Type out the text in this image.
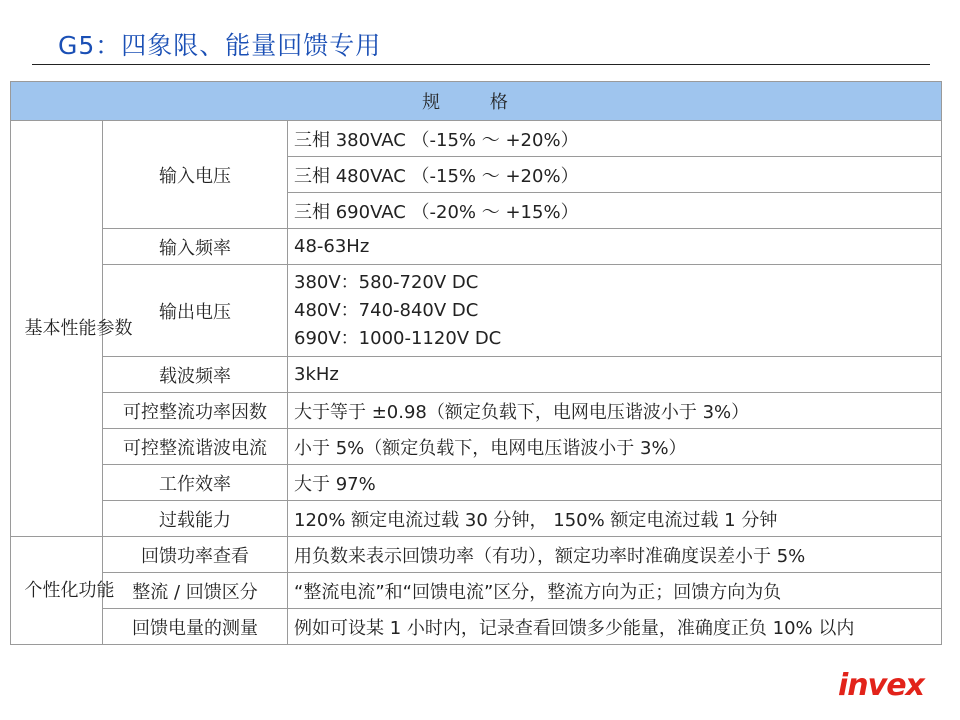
G5：四象限、能量回馈专用
规 格		
基本性能参数	输入电压	三相 380VAC （-15% ～ +20%）
		三相 480VAC （-15% ～ +20%）
		三相 690VAC （-20% ～ +15%）
	输入频率	48-63Hz
	输出电压	380V：580-720V DC
480V：740-840V DC
690V：1000-1120V DC

	载波频率	3kHz
	可控整流功率因数	大于等于 ±0.98（额定负载下，电网电压谐波小于 3%）
	可控整流谐波电流	小于 5%（额定负载下，电网电压谐波小于 3%）
	工作效率	大于 97%
	过载能力	120% 额定电流过载 30 分钟， 150% 额定电流过载 1 分钟
个性化功能	回馈功率查看	用负数来表示回馈功率（有功），额定功率时准确度误差小于 5%
	整流 / 回馈区分	“整流电流”和“回馈电流”区分，整流方向为正；回馈方向为负
	回馈电量的测量	例如可设某 1 小时内，记录查看回馈多少能量，准确度正负 10% 以内
invex
